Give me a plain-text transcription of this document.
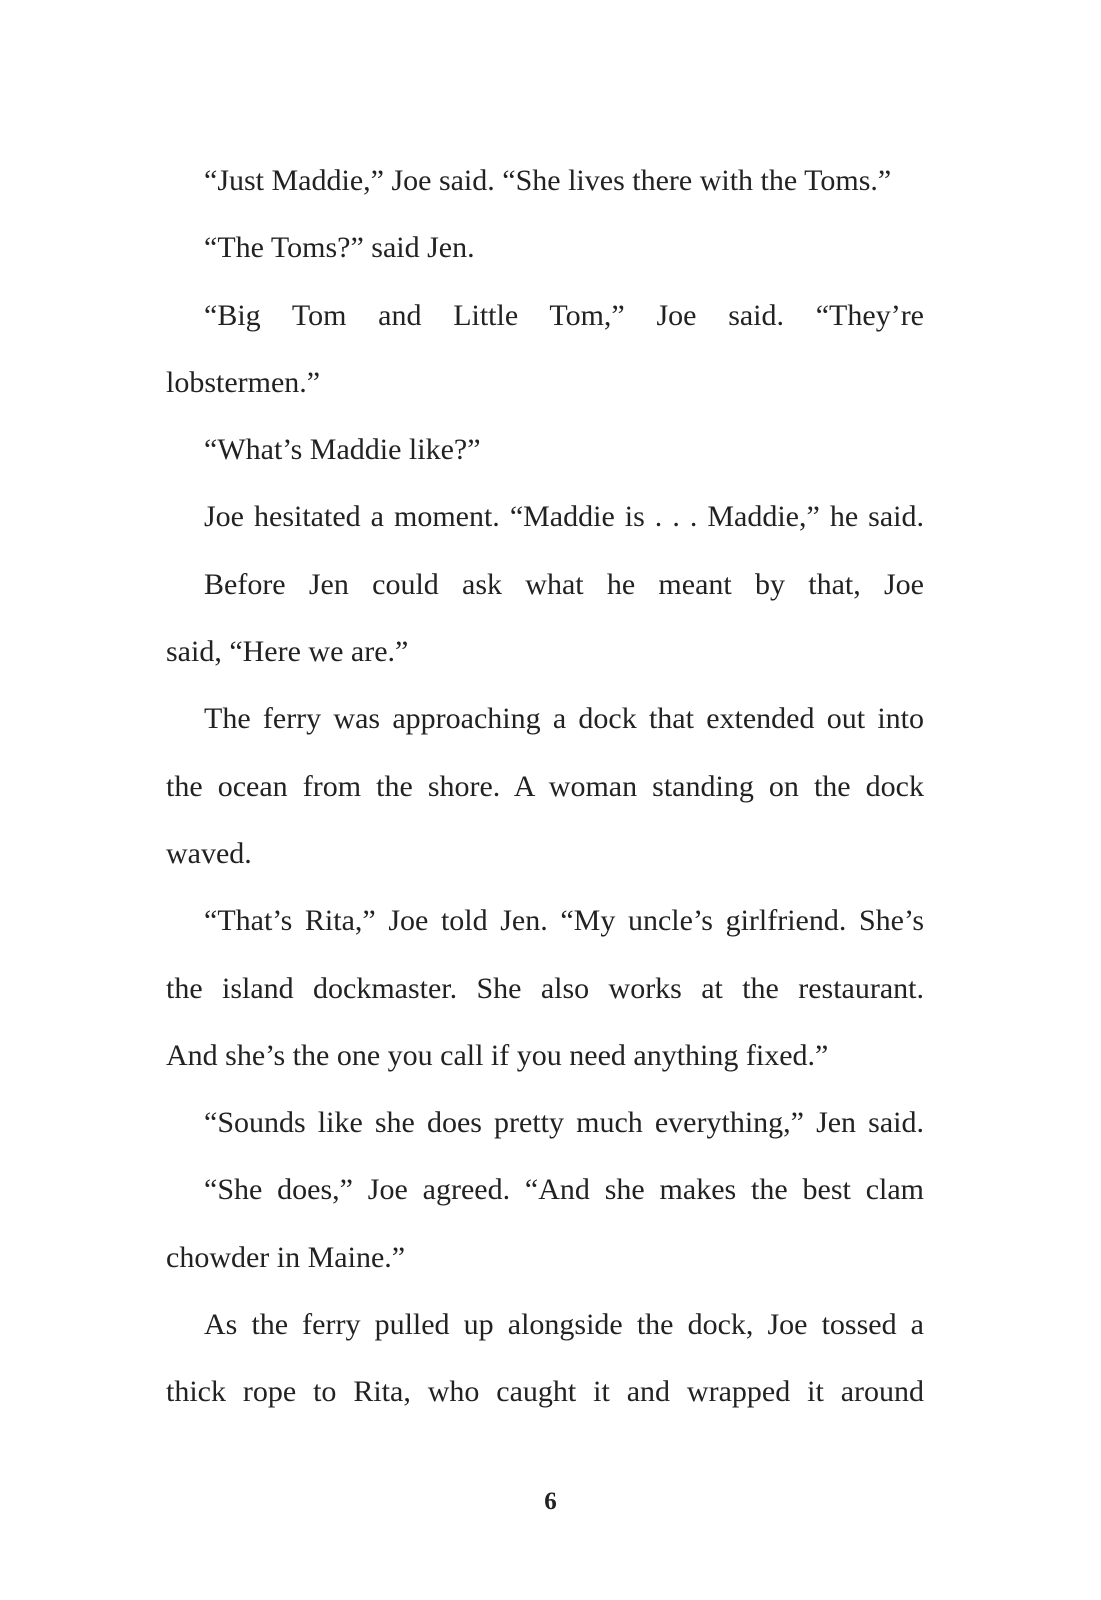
“Just Maddie,” Joe said. “She lives there with the Toms.”
“The Toms?” said Jen.
“Big Tom and Little Tom,” Joe said. “They’re
lobstermen.”
“What’s Maddie like?”
Joe hesitated a moment. “Maddie is . . . Maddie,” he said.
Before Jen could ask what he meant by that, Joe
said, “Here we are.”
The ferry was approaching a dock that extended out into
the ocean from the shore. A woman standing on the dock
waved.
“That’s Rita,” Joe told Jen. “My uncle’s girlfriend. She’s
the island dockmaster. She also works at the restaurant.
And she’s the one you call if you need anything fixed.”
“Sounds like she does pretty much everything,” Jen said.
“She does,” Joe agreed. “And she makes the best clam
chowder in Maine.”
As the ferry pulled up alongside the dock, Joe tossed a
thick rope to Rita, who caught it and wrapped it around
6
